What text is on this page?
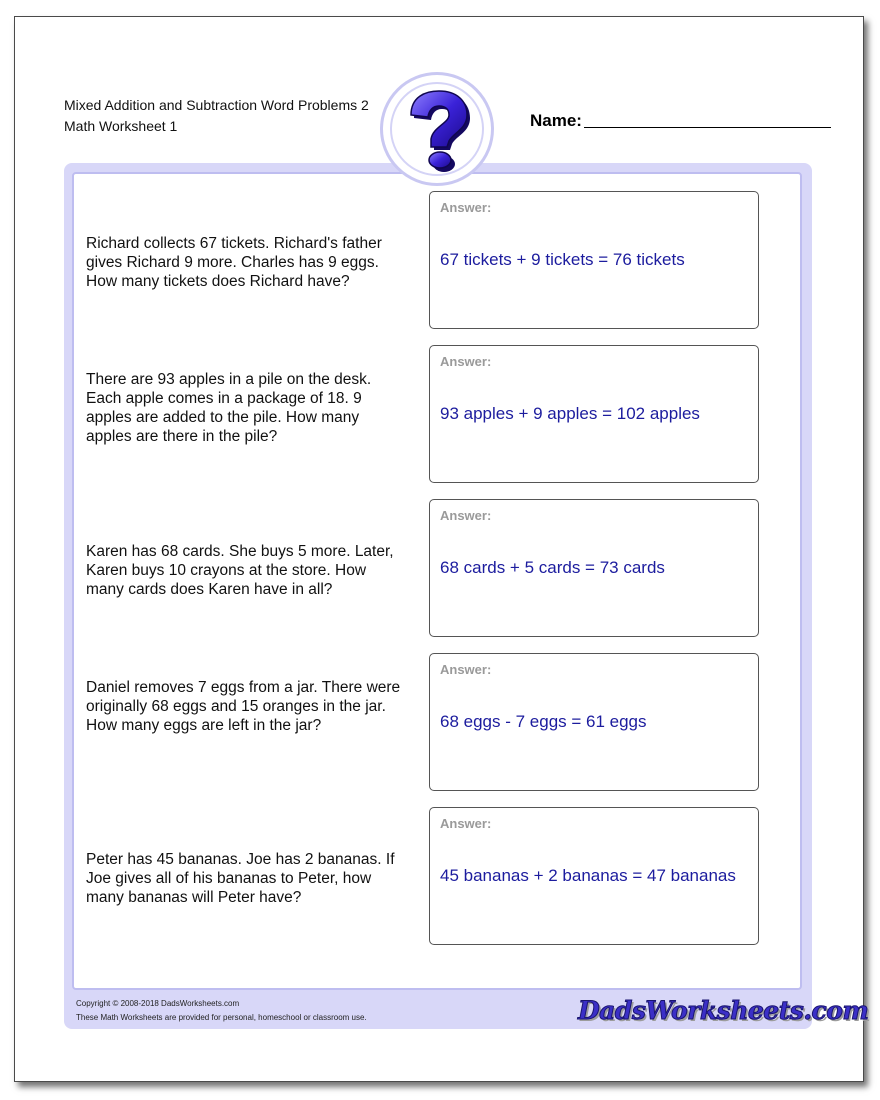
Mixed Addition and Subtraction Word Problems 2
Math Worksheet 1	Name:
Richard collects 67 tickets. Richard's father gives Richard 9 more. Charles has 9 eggs. How many tickets does Richard have?
Answer:
67 tickets + 9 tickets = 76 tickets
There are 93 apples in a pile on the desk. Each apple comes in a package of 18. 9 apples are added to the pile. How many apples are there in the pile?
Answer:
93 apples + 9 apples = 102 apples
Karen has 68 cards. She buys 5 more. Later, Karen buys 10 crayons at the store. How many cards does Karen have in all?
Answer:
68 cards + 5 cards = 73 cards
Daniel removes 7 eggs from a jar. There were originally 68 eggs and 15 oranges in the jar. How many eggs are left in the jar?
Answer:
68 eggs - 7 eggs = 61 eggs
Peter has 45 bananas. Joe has 2 bananas. If Joe gives all of his bananas to Peter, how many bananas will Peter have?
Answer:
45 bananas + 2 bananas = 47 bananas
Copyright © 2008-2018 DadsWorksheets.com
These Math Worksheets are provided for personal, homeschool or classroom use.	DadsWorksheets.com
